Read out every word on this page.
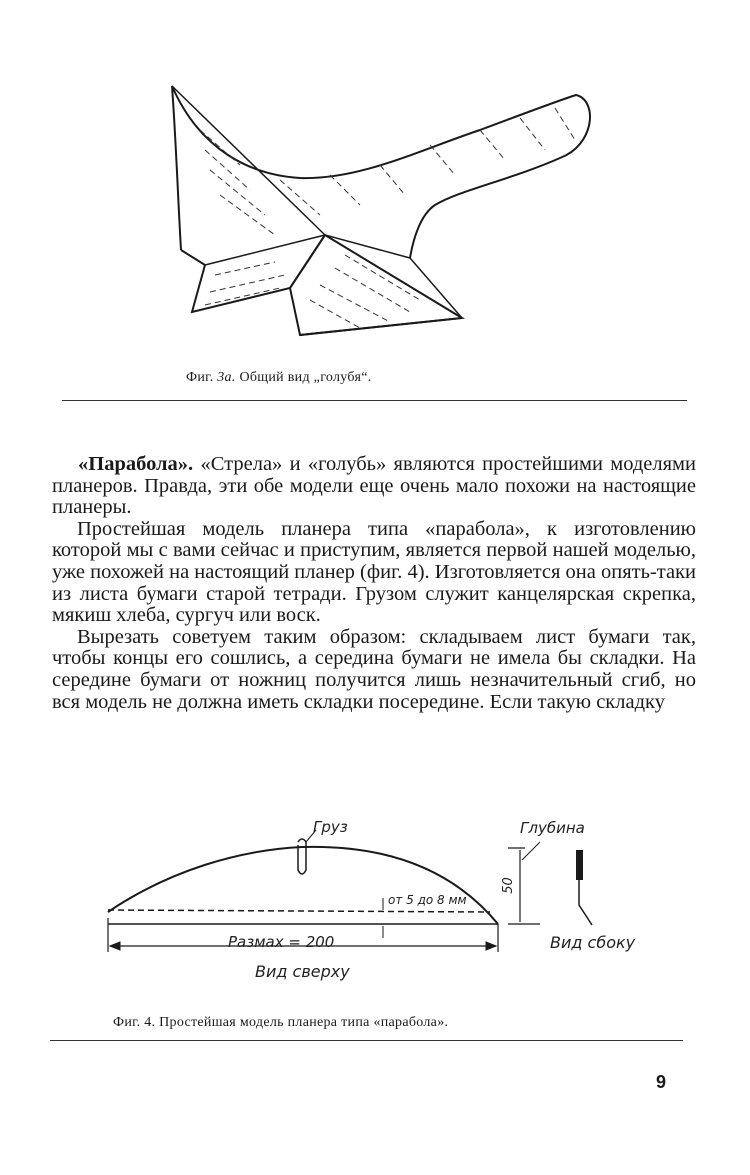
Фиг. 3а. Общий вид „голубя“.

«Парабола». «Стрела» и «голубь» являются простейшими моделями планеров. Правда, эти обе модели еще очень мало похожи на настоящие планеры.

Простейшая модель планера типа «парабола», к изготовлению которой мы с вами сейчас и приступим, является первой нашей моделью, уже похожей на настоящий планер (фиг. 4). Изготовляется она опять-таки из листа бумаги старой тетради. Грузом служит канцелярская скрепка, мякиш хлеба, сургуч или воск.

Вырезать советуем таким образом: складываем лист бумаги так, чтобы концы его сошлись, а середина бумаги не имела бы складки. На середине бумаги от ножниц получится лишь незначительный сгиб, но вся модель не должна иметь складки посередине. Если такую складку

Груз	Глубина
50
от 5 до 8 мм
Размах = 200
Вид сверху
Вид сбоку
Фиг. 4. Простейшая модель планера типа «парабола».
9
